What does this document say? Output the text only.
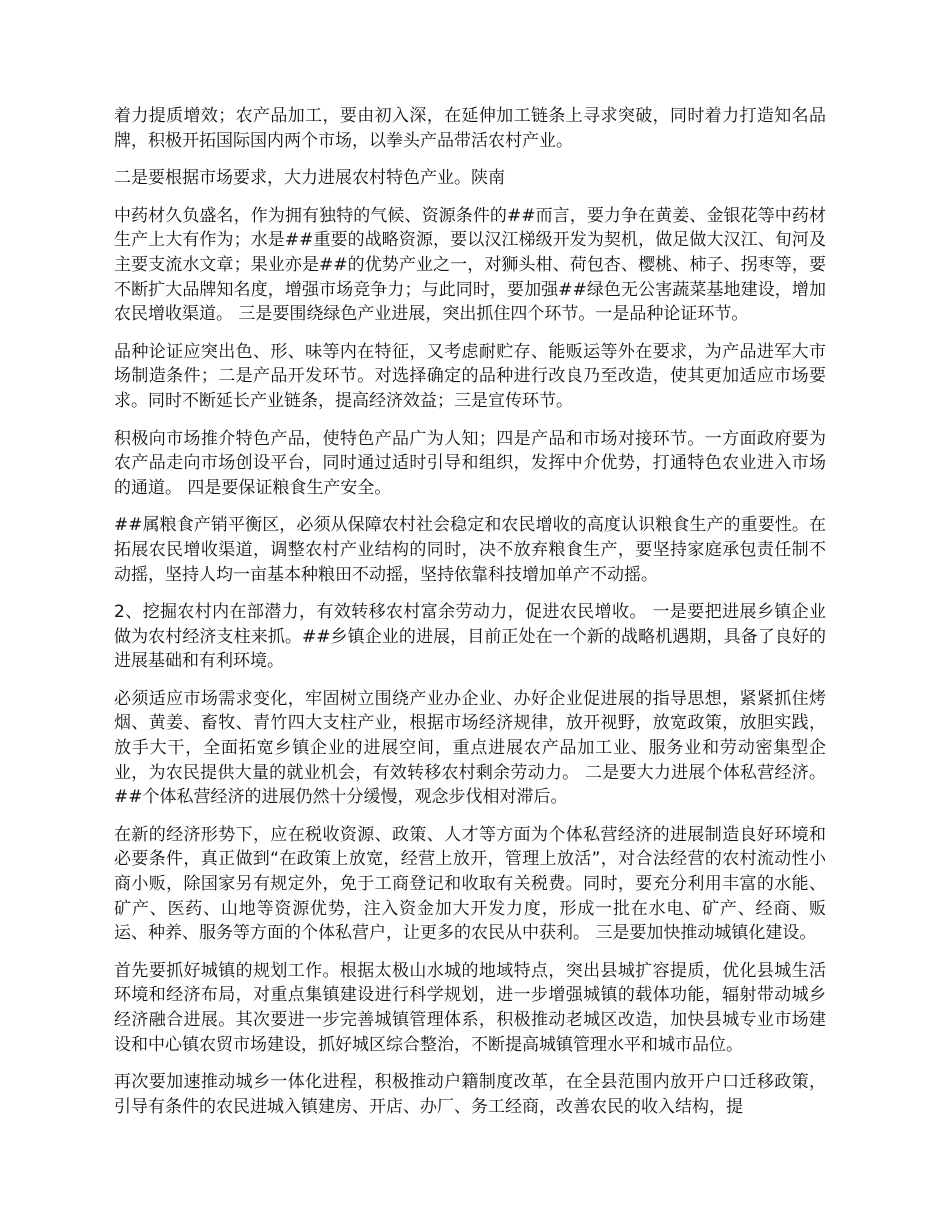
着力提质增效；农产品加工，要由初入深，在延伸加工链条上寻求突破，同时着力打造知名品牌，积极开拓国际国内两个市场，以拳头产品带活农村产业。

二是要根据市场要求，大力进展农村特色产业。陕南

中药材久负盛名，作为拥有独特的气候、资源条件的##而言，要力争在黄姜、金银花等中药材生产上大有作为；水是##重要的战略资源，要以汉江梯级开发为契机，做足做大汉江、旬河及主要支流水文章；果业亦是##的优势产业之一，对狮头柑、荷包杏、樱桃、柿子、拐枣等，要不断扩大品牌知名度，增强市场竞争力；与此同时，要加强##绿色无公害蔬菜基地建设，增加农民增收渠道。 三是要围绕绿色产业进展，突出抓住四个环节。一是品种论证环节。

品种论证应突出色、形、味等内在特征，又考虑耐贮存、能贩运等外在要求，为产品进军大市场制造条件；二是产品开发环节。对选择确定的品种进行改良乃至改造，使其更加适应市场要求。同时不断延长产业链条，提高经济效益；三是宣传环节。

积极向市场推介特色产品，使特色产品广为人知；四是产品和市场对接环节。一方面政府要为农产品走向市场创设平台，同时通过适时引导和组织，发挥中介优势，打通特色农业进入市场的通道。 四是要保证粮食生产安全。

##属粮食产销平衡区，必须从保障农村社会稳定和农民增收的高度认识粮食生产的重要性。在拓展农民增收渠道，调整农村产业结构的同时，决不放弃粮食生产，要坚持家庭承包责任制不动摇，坚持人均一亩基本种粮田不动摇，坚持依靠科技增加单产不动摇。

2、挖掘农村内在部潜力，有效转移农村富余劳动力，促进农民增收。 一是要把进展乡镇企业做为农村经济支柱来抓。##乡镇企业的进展，目前正处在一个新的战略机遇期，具备了良好的进展基础和有利环境。

必须适应市场需求变化，牢固树立围绕产业办企业、办好企业促进展的指导思想，紧紧抓住烤烟、黄姜、畜牧、青竹四大支柱产业，根据市场经济规律，放开视野，放宽政策，放胆实践，放手大干，全面拓宽乡镇企业的进展空间，重点进展农产品加工业、服务业和劳动密集型企业，为农民提供大量的就业机会，有效转移农村剩余劳动力。 二是要大力进展个体私营经济。##个体私营经济的进展仍然十分缓慢，观念步伐相对滞后。

在新的经济形势下，应在税收资源、政策、人才等方面为个体私营经济的进展制造良好环境和必要条件，真正做到“在政策上放宽，经营上放开，管理上放活”，对合法经营的农村流动性小商小贩，除国家另有规定外，免于工商登记和收取有关税费。同时，要充分利用丰富的水能、矿产、医药、山地等资源优势，注入资金加大开发力度，形成一批在水电、矿产、经商、贩运、种养、服务等方面的个体私营户，让更多的农民从中获利。 三是要加快推动城镇化建设。

首先要抓好城镇的规划工作。根据太极山水城的地域特点，突出县城扩容提质，优化县城生活环境和经济布局，对重点集镇建设进行科学规划，进一步增强城镇的载体功能，辐射带动城乡经济融合进展。其次要进一步完善城镇管理体系，积极推动老城区改造，加快县城专业市场建设和中心镇农贸市场建设，抓好城区综合整治，不断提高城镇管理水平和城市品位。

再次要加速推动城乡一体化进程，积极推动户籍制度改革，在全县范围内放开户口迁移政策，引导有条件的农民进城入镇建房、开店、办厂、务工经商，改善农民的收入结构，提
